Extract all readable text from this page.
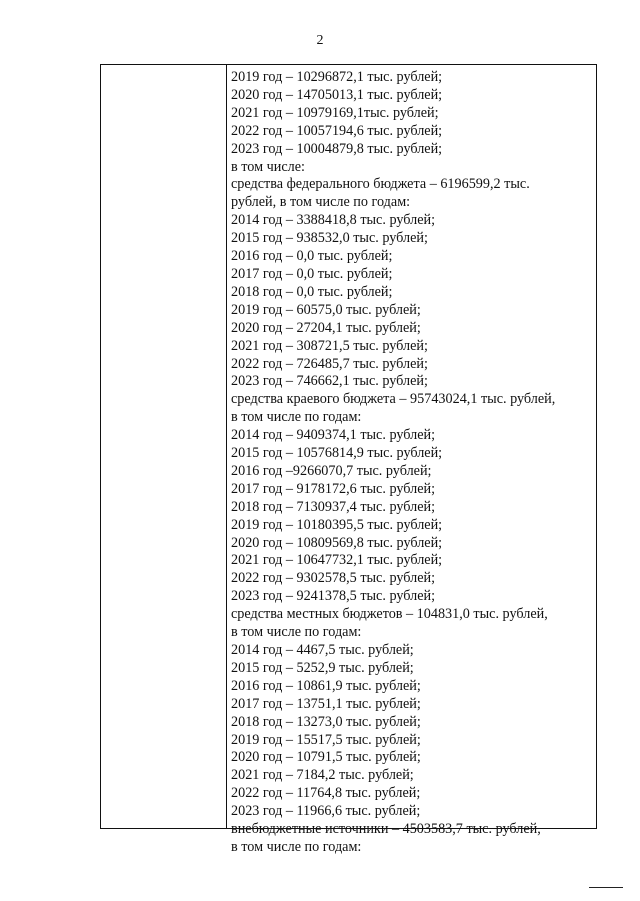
2
2019 год – 10296872,1 тыс. рублей;
2020 год – 14705013,1 тыс. рублей;
2021 год – 10979169,1тыс. рублей;
2022 год – 10057194,6 тыс. рублей;
2023 год – 10004879,8 тыс. рублей;
в том числе:
средства федерального бюджета – 6196599,2 тыс.
рублей, в том числе по годам:
2014 год – 3388418,8 тыс. рублей;
2015 год – 938532,0 тыс. рублей;
2016 год – 0,0 тыс. рублей;
2017 год – 0,0 тыс. рублей;
2018 год – 0,0 тыс. рублей;
2019 год – 60575,0 тыс. рублей;
2020 год – 27204,1 тыс. рублей;
2021 год – 308721,5 тыс. рублей;
2022 год – 726485,7 тыс. рублей;
2023 год – 746662,1 тыс. рублей;
средства краевого бюджета – 95743024,1 тыс. рублей,
в том числе по годам:
2014 год – 9409374,1 тыс. рублей;
2015 год – 10576814,9 тыс. рублей;
2016 год –9266070,7 тыс. рублей;
2017 год – 9178172,6 тыс. рублей;
2018 год – 7130937,4 тыс. рублей;
2019 год – 10180395,5 тыс. рублей;
2020 год – 10809569,8 тыс. рублей;
2021 год – 10647732,1 тыс. рублей;
2022 год – 9302578,5 тыс. рублей;
2023 год – 9241378,5 тыс. рублей;
средства местных бюджетов – 104831,0 тыс. рублей,
в том числе по годам:
2014 год – 4467,5 тыс. рублей;
2015 год – 5252,9 тыс. рублей;
2016 год – 10861,9 тыс. рублей;
2017 год – 13751,1 тыс. рублей;
2018 год – 13273,0 тыс. рублей;
2019 год – 15517,5 тыс. рублей;
2020 год – 10791,5 тыс. рублей;
2021 год – 7184,2 тыс. рублей;
2022 год – 11764,8 тыс. рублей;
2023 год – 11966,6 тыс. рублей;
внебюджетные источники – 4503583,7 тыс. рублей,
в том числе по годам:
